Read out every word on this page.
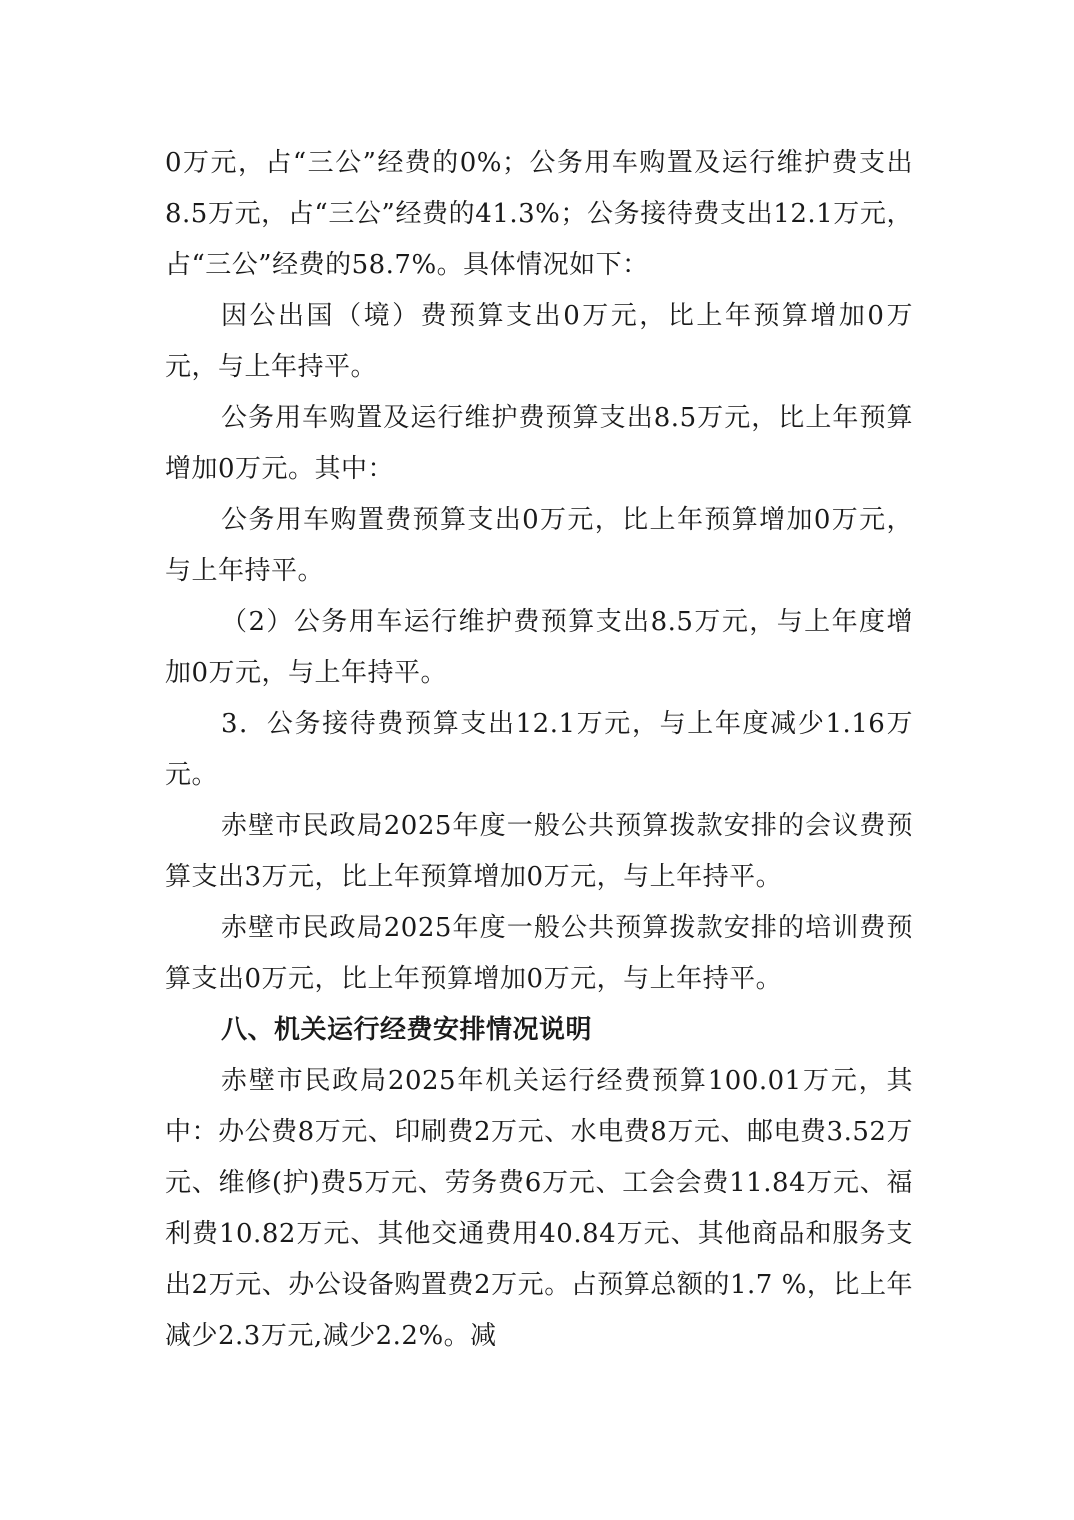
0万元，占“三公”经费的0%；公务用车购置及运行维护费支出8.5万元，占“三公”经费的41.3%；公务接待费支出12.1万元，占“三公”经费的58.7%。具体情况如下：

因公出国（境）费预算支出0万元，比上年预算增加0万元，与上年持平。

公务用车购置及运行维护费预算支出8.5万元，比上年预算增加0万元。其中：

公务用车购置费预算支出0万元，比上年预算增加0万元，与上年持平。

（2）公务用车运行维护费预算支出8.5万元，与上年度增加0万元，与上年持平。

3．公务接待费预算支出12.1万元，与上年度减少1.16万元。

赤壁市民政局2025年度一般公共预算拨款安排的会议费预算支出3万元，比上年预算增加0万元，与上年持平。

赤壁市民政局2025年度一般公共预算拨款安排的培训费预算支出0万元，比上年预算增加0万元，与上年持平。

八、机关运行经费安排情况说明

赤壁市民政局2025年机关运行经费预算100.01万元，其中：办公费8万元、印刷费2万元、水电费8万元、邮电费3.52万元、维修(护)费5万元、劳务费6万元、工会会费11.84万元、福利费10.82万元、其他交通费用40.84万元、其他商品和服务支出2万元、办公设备购置费2万元。占预算总额的1.7 %，比上年减少2.3万元,减少2.2%。减
